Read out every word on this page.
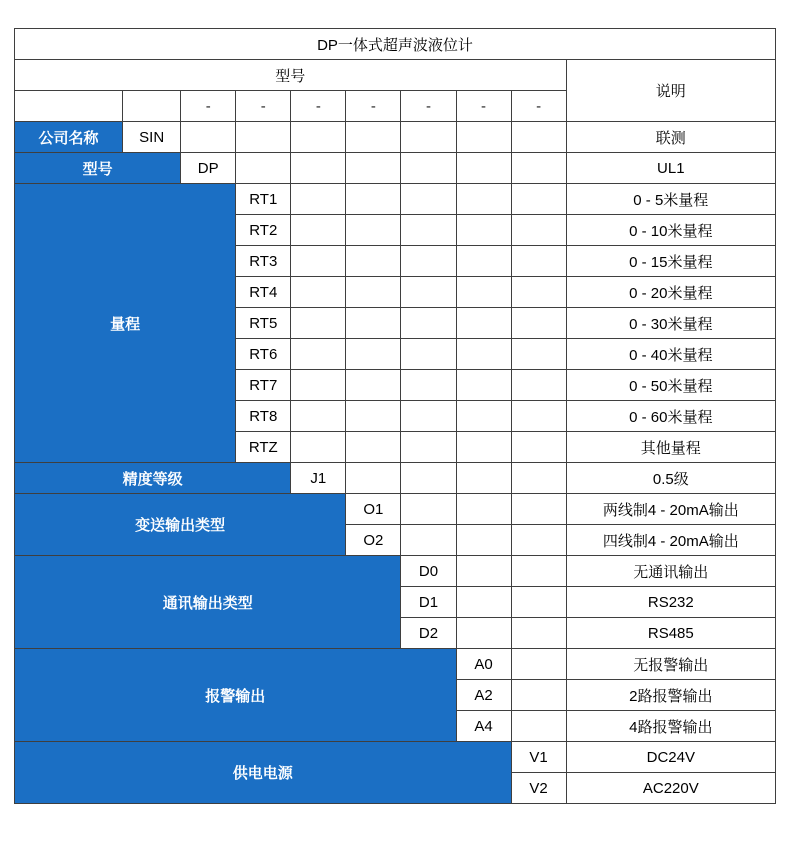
DP一体式超声波液位计									
型号									说明
		-	-	-	-	-	-	-	
公司名称	SIN								联测
型号		DP							UL1
量程			RT1						0 - 5米量程
			RT2						0 - 10米量程
			RT3						0 - 15米量程
			RT4						0 - 20米量程
			RT5						0 - 30米量程
			RT6						0 - 40米量程
			RT7						0 - 50米量程
			RT8						0 - 60米量程
			RTZ						其他量程
精度等级				J1					0.5级
变送输出类型					O1				两线制4 - 20mA输出
					O2				四线制4 - 20mA输出
通讯输出类型						D0			无通讯输出
						D1			RS232
						D2			RS485
报警输出							A0		无报警输出
							A2		2路报警输出
							A4		4路报警输出
供电电源								V1	DC24V
								V2	AC220V
